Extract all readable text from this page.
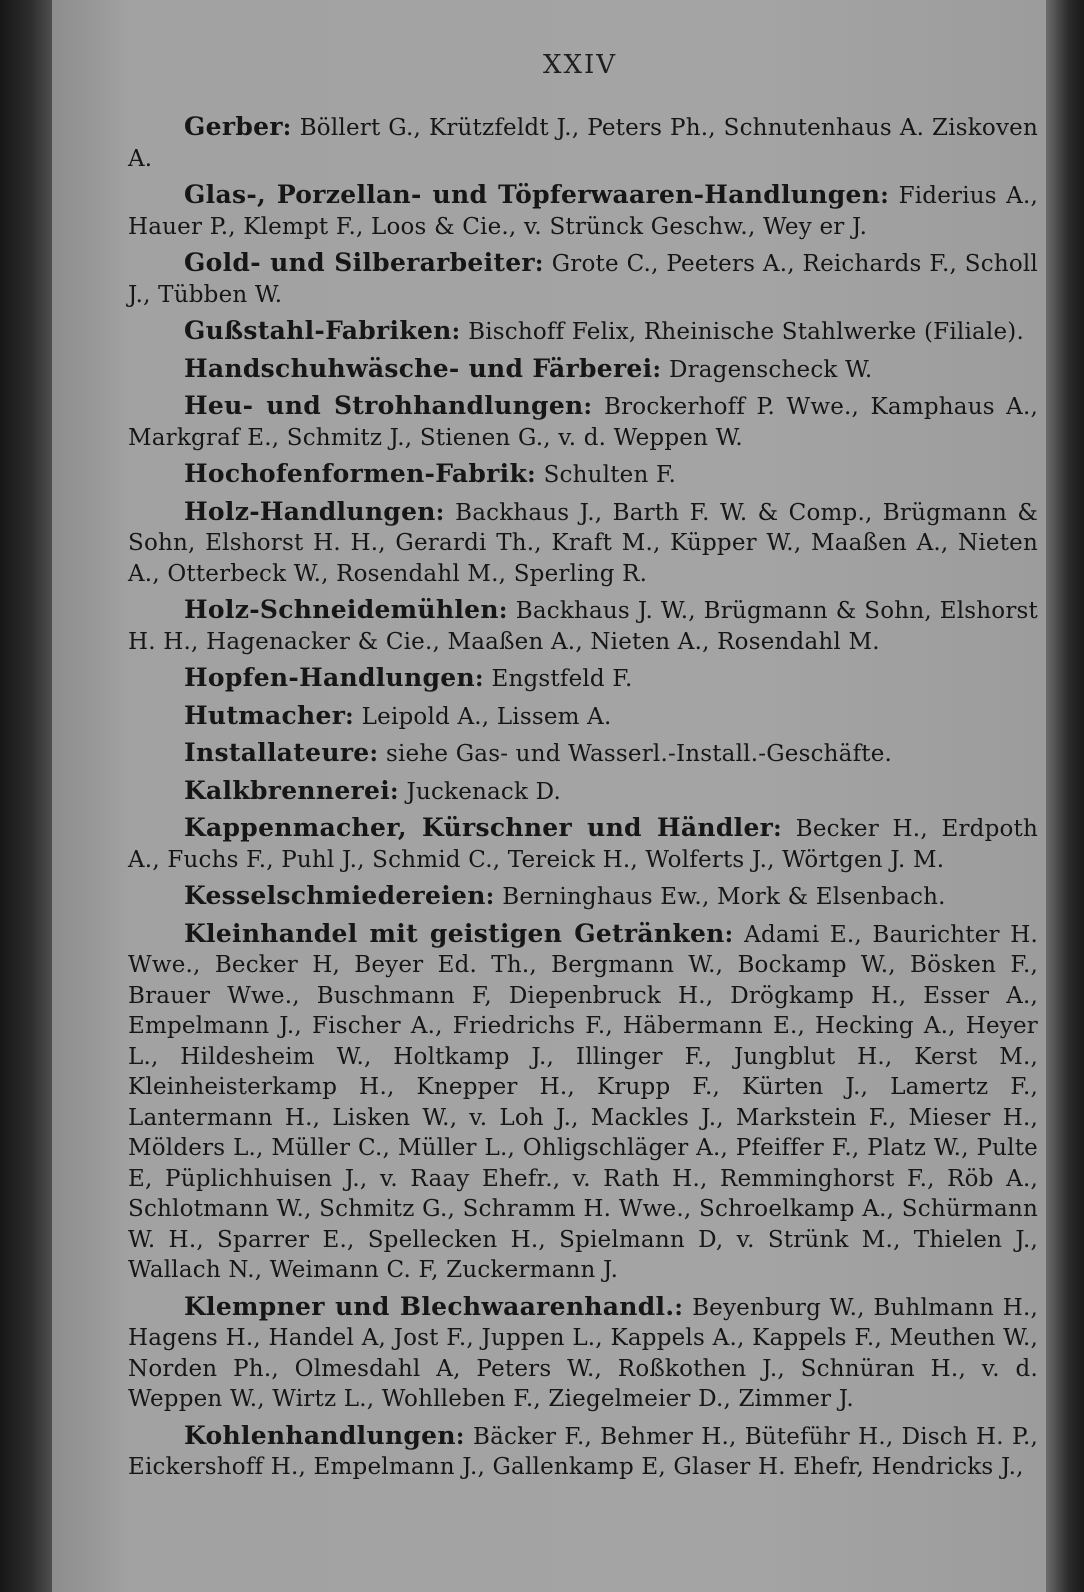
XXIV

Gerber: Böllert G., Krützfeldt J., Peters Ph., Schnutenhaus A. Ziskoven A.

Glas-, Porzellan- und Töpferwaaren-Handlungen: Fiderius A., Hauer P., Klempt F., Loos & Cie., v. Strünck Geschw., Wey er J.

Gold- und Silberarbeiter: Grote C., Peeters A., Reichards F., Scholl J., Tübben W.

Gußstahl-Fabriken: Bischoff Felix, Rheinische Stahlwerke (Filiale).

Handschuhwäsche- und Färberei: Dragenscheck W.

Heu- und Strohhandlungen: Brockerhoff P. Wwe., Kamphaus A., Markgraf E., Schmitz J., Stienen G., v. d. Weppen W.

Hochofenformen-Fabrik: Schulten F.

Holz-Handlungen: Backhaus J., Barth F. W. & Comp., Brügmann & Sohn, Elshorst H. H., Gerardi Th., Kraft M., Küpper W., Maaßen A., Nieten A., Otterbeck W., Rosendahl M., Sperling R.

Holz-Schneidemühlen: Backhaus J. W., Brügmann & Sohn, Elshorst H. H., Hagenacker & Cie., Maaßen A., Nieten A., Rosendahl M.

Hopfen-Handlungen: Engstfeld F.

Hutmacher: Leipold A., Lissem A.

Installateure: siehe Gas- und Wasserl.-Install.-Geschäfte.

Kalkbrennerei: Juckenack D.

Kappenmacher, Kürschner und Händler: Becker H., Erdpoth A., Fuchs F., Puhl J., Schmid C., Tereick H., Wolferts J., Wörtgen J. M.

Kesselschmiedereien: Berninghaus Ew., Mork & Elsenbach.

Kleinhandel mit geistigen Getränken: Adami E., Baurichter H. Wwe., Becker H, Beyer Ed. Th., Bergmann W., Bockamp W., Bösken F., Brauer Wwe., Buschmann F, Diepenbruck H., Drögkamp H., Esser A., Empelmann J., Fischer A., Friedrichs F., Häbermann E., Hecking A., Heyer L., Hildesheim W., Holtkamp J., Illinger F., Jungblut H., Kerst M., Kleinheisterkamp H., Knepper H., Krupp F., Kürten J., Lamertz F., Lantermann H., Lisken W., v. Loh J., Mackles J., Markstein F., Mieser H., Mölders L., Müller C., Müller L., Ohligschläger A., Pfeiffer F., Platz W., Pulte E, Püplichhuisen J., v. Raay Ehefr., v. Rath H., Remminghorst F., Röb A., Schlotmann W., Schmitz G., Schramm H. Wwe., Schroelkamp A., Schürmann W. H., Sparrer E., Spellecken H., Spielmann D, v. Strünk M., Thielen J., Wallach N., Weimann C. F, Zuckermann J.

Klempner und Blechwaarenhandl.: Beyenburg W., Buhlmann H., Hagens H., Handel A, Jost F., Juppen L., Kappels A., Kappels F., Meuthen W., Norden Ph., Olmesdahl A, Peters W., Roßkothen J., Schnüran H., v. d. Weppen W., Wirtz L., Wohlleben F., Ziegelmeier D., Zimmer J.

Kohlenhandlungen: Bäcker F., Behmer H., Büteführ H., Disch H. P., Eickershoff H., Empelmann J., Gallenkamp E, Glaser H. Ehefr, Hendricks J.,
